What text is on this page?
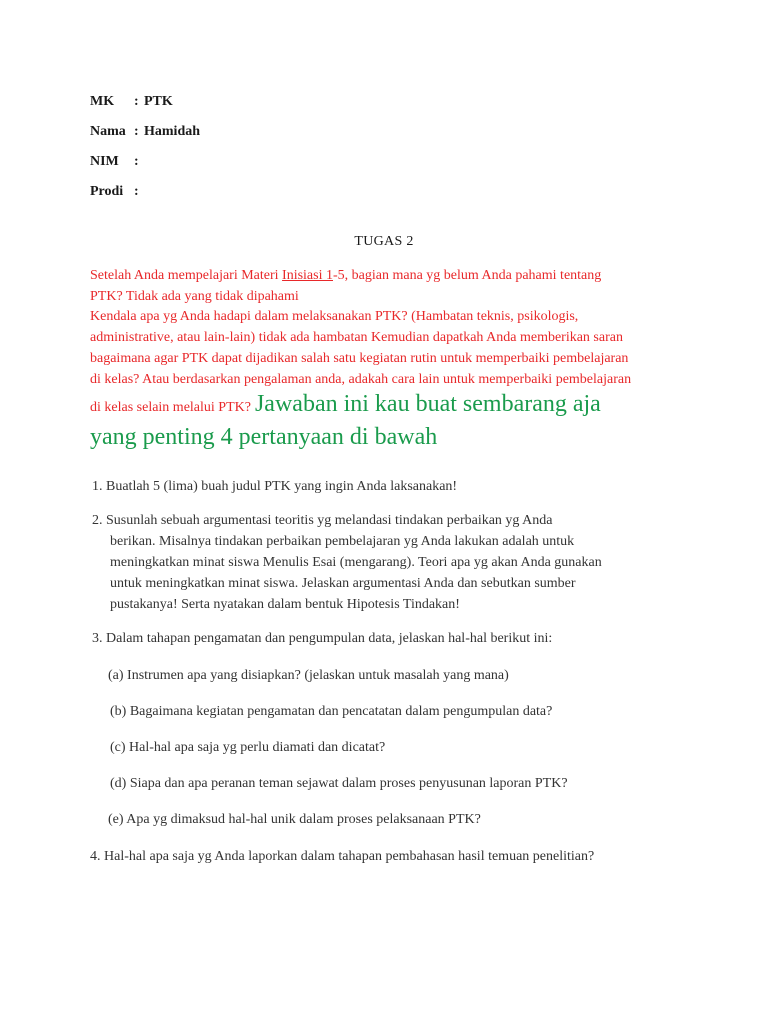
MK : PTK
Nama : Hamidah
NIM :
Prodi :
TUGAS 2
Setelah Anda mempelajari Materi Inisiasi 1-5, bagian mana yg belum Anda pahami tentang
PTK? Tidak ada yang tidak dipahami
Kendala apa yg Anda hadapi dalam melaksanakan PTK? (Hambatan teknis, psikologis,
administrative, atau lain-lain) tidak ada hambatan Kemudian dapatkah Anda memberikan saran
bagaimana agar PTK dapat dijadikan salah satu kegiatan rutin untuk memperbaiki pembelajaran
di kelas? Atau berdasarkan pengalaman anda, adakah cara lain untuk memperbaiki pembelajaran
di kelas selain melalui PTK? Jawaban ini kau buat sembarang aja
yang penting 4 pertanyaan di bawah
1. Buatlah 5 (lima) buah judul PTK yang ingin Anda laksanakan!
2. Susunlah sebuah argumentasi teoritis yg melandasi tindakan perbaikan yg Anda
berikan. Misalnya tindakan perbaikan pembelajaran yg Anda lakukan adalah untuk
meningkatkan minat siswa Menulis Esai (mengarang). Teori apa yg akan Anda gunakan
untuk meningkatkan minat siswa. Jelaskan argumentasi Anda dan sebutkan sumber
pustakanya! Serta nyatakan dalam bentuk Hipotesis Tindakan!
3. Dalam tahapan pengamatan dan pengumpulan data, jelaskan hal-hal berikut ini:
(a) Instrumen apa yang disiapkan? (jelaskan untuk masalah yang mana)
(b) Bagaimana kegiatan pengamatan dan pencatatan dalam pengumpulan data?
(c) Hal-hal apa saja yg perlu diamati dan dicatat?
(d) Siapa dan apa peranan teman sejawat dalam proses penyusunan laporan PTK?
(e) Apa yg dimaksud hal-hal unik dalam proses pelaksanaan PTK?
4. Hal-hal apa saja yg Anda laporkan dalam tahapan pembahasan hasil temuan penelitian?
